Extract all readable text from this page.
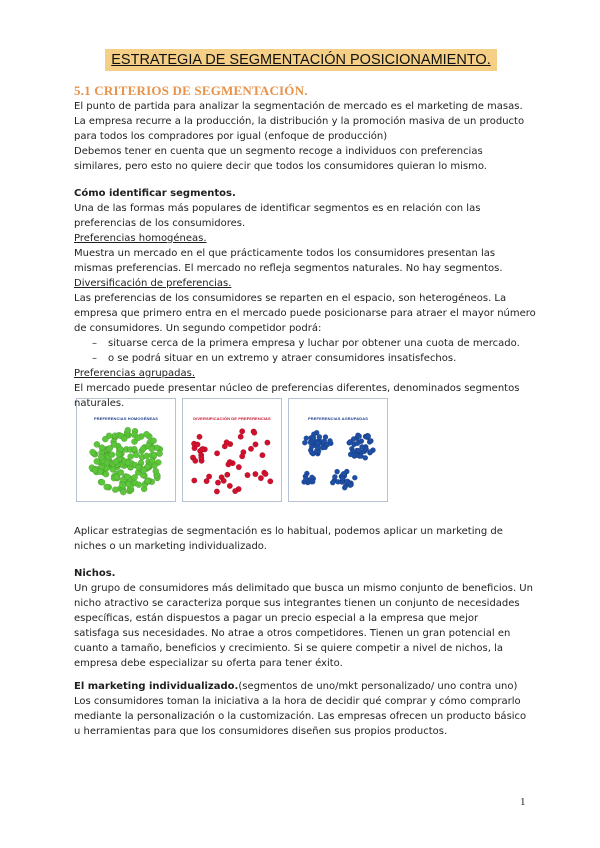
ESTRATEGIA DE SEGMENTACIÓN POSICIONAMIENTO.
5.1 CRITERIOS DE SEGMENTACIÓN.
El punto de partida para analizar la segmentación de mercado es el marketing de masas.
La empresa recurre a la producción, la distribución y la promoción masiva de un producto
para todos los compradores por igual (enfoque de producción)
Debemos tener en cuenta que un segmento recoge a individuos con preferencias
similares, pero esto no quiere decir que todos los consumidores quieran lo mismo.
Cómo identificar segmentos.
Una de las formas más populares de identificar segmentos es en relación con las
preferencias de los consumidores.
Preferencias homogéneas.
Muestra un mercado en el que prácticamente todos los consumidores presentan las
mismas preferencias. El mercado no refleja segmentos naturales. No hay segmentos.
Diversificación de preferencias.
Las preferencias de los consumidores se reparten en el espacio, son heterogéneos. La
empresa que primero entra en el mercado puede posicionarse para atraer el mayor número
de consumidores. Un segundo competidor podrá:
– situarse cerca de la primera empresa y luchar por obtener una cuota de mercado.
– o se podrá situar en un extremo y atraer consumidores insatisfechos.
Preferencias agrupadas.
El mercado puede presentar núcleo de preferencias diferentes, denominados segmentos
PREFERENCIAS HOMOGÉNEAS	DIVERSIFICACIÓN DE PREFERENCIAS	PREFERENCIAS AGRUPADAS
Aplicar estrategias de segmentación es lo habitual, podemos aplicar un marketing de
niches o un marketing individualizado.
Nichos.
Un grupo de consumidores más delimitado que busca un mismo conjunto de beneficios. Un
nicho atractivo se caracteriza porque sus integrantes tienen un conjunto de necesidades
específicas, están dispuestos a pagar un precio especial a la empresa que mejor
satisfaga sus necesidades. No atrae a otros competidores. Tienen un gran potencial en
cuanto a tamaño, beneficios y crecimiento. Si se quiere competir a nivel de nichos, la
empresa debe especializar su oferta para tener éxito.
El marketing individualizado.(segmentos de uno/mkt personalizado/ uno contra uno)
Los consumidores toman la iniciativa a la hora de decidir qué comprar y cómo comprarlo
mediante la personalización o la customización. Las empresas ofrecen un producto básico
u herramientas para que los consumidores diseñen sus propios productos.
1
naturales.
